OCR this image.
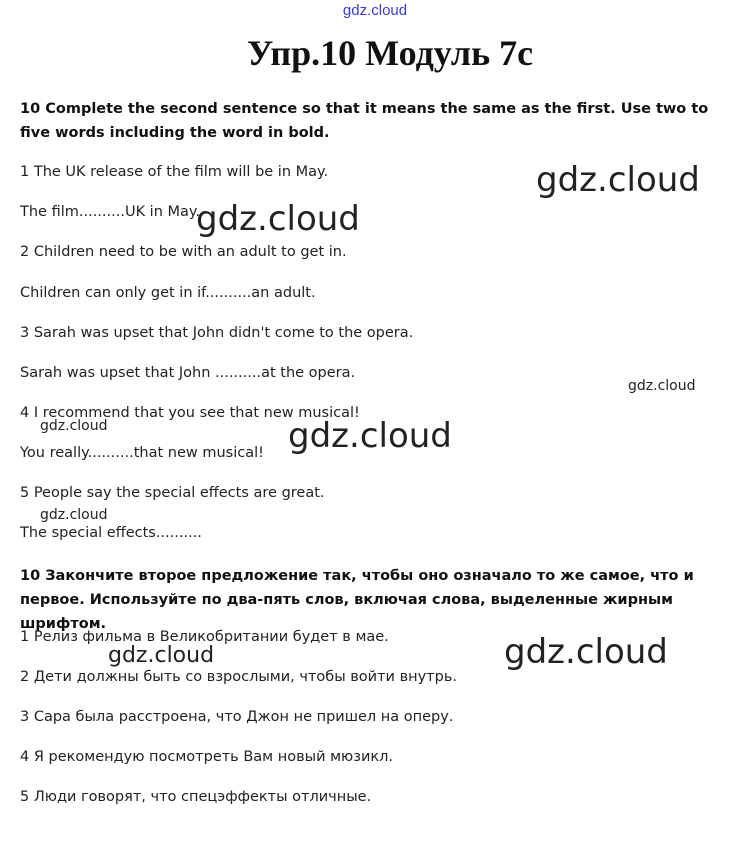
gdz.cloud
Упр.10 Модуль 7с
10 Complete the second sentence so that it means the same as the first. Use two to five words including the word in bold.
1 The UK release of the film will be in May.
The film..........UK in May.
2 Children need to be with an adult to get in.
Children can only get in if..........an adult.
3 Sarah was upset that John didn't come to the opera.
Sarah was upset that John ..........at the opera.
4 I recommend that you see that new musical!
You really..........that new musical!
5 People say the special effects are great.
The special effects..........
10 Закончите второе предложение так, чтобы оно означало то же самое, что и первое. Используйте по два-пять слов, включая слова, выделенные жирным шрифтом.
1 Релиз фильма в Великобритании будет в мае.
2 Дети должны быть со взрослыми, чтобы войти внутрь.
3 Сара была расстроена, что Джон не пришел на оперу.
4 Я рекомендую посмотреть Вам новый мюзикл.
5 Люди говорят, что спецэффекты отличные.
gdz.cloud
gdz.cloud
gdz.cloud
gdz.cloud	gdz.cloud
gdz.cloud
gdz.cloud	gdz.cloud
